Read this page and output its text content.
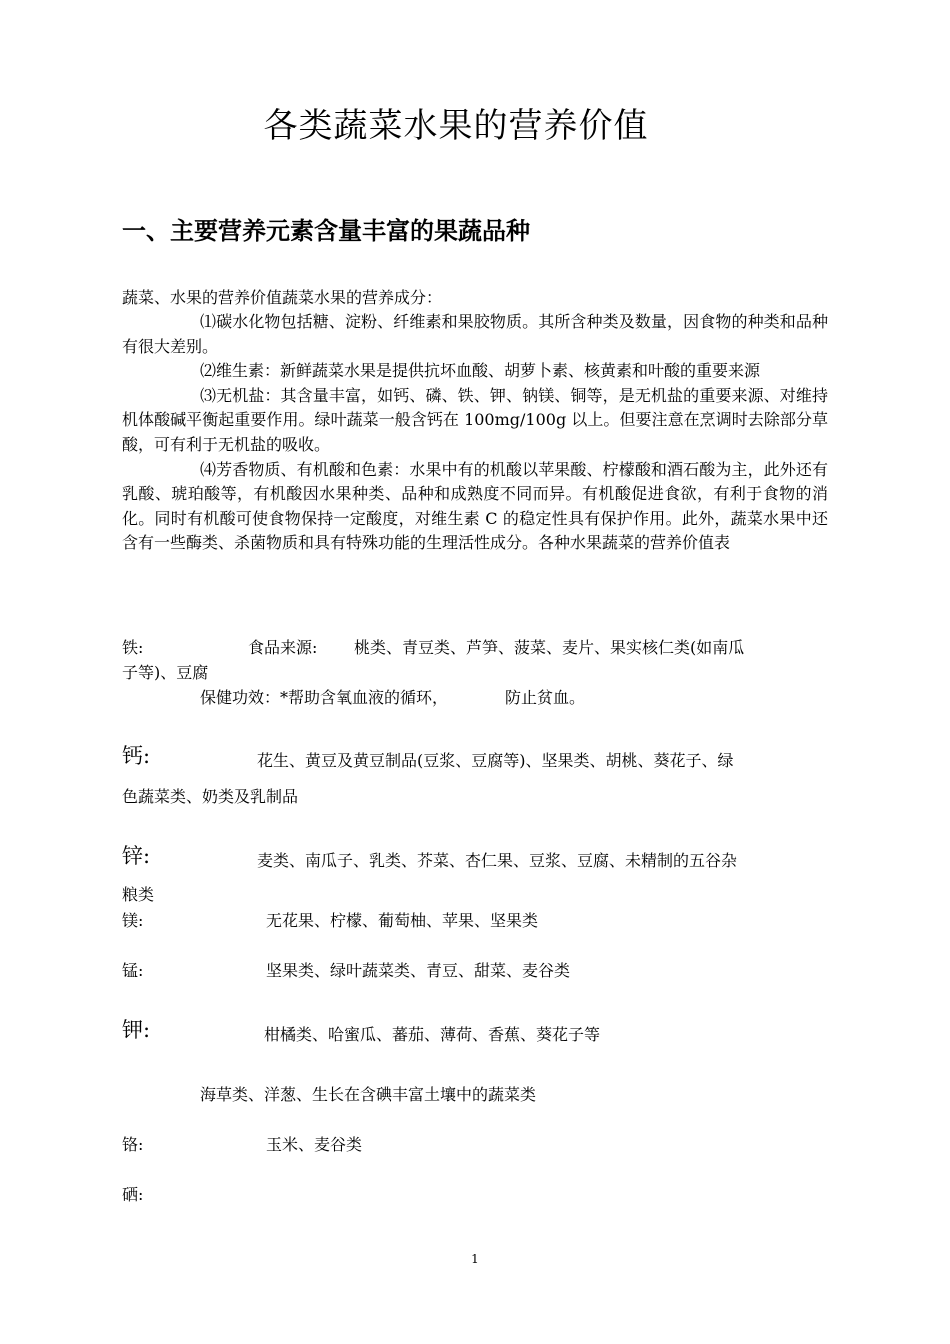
各类蔬菜水果的营养价值
一、主要营养元素含量丰富的果蔬品种
蔬菜、水果的营养价值蔬菜水果的营养成分：

⑴碳水化物包括糖、淀粉、纤维素和果胶物质。其所含种类及数量，因食物的种类和品种有很大差别。

⑵维生素：新鲜蔬菜水果是提供抗坏血酸、胡萝卜素、核黄素和叶酸的重要来源

⑶无机盐：其含量丰富，如钙、磷、铁、钾、钠镁、铜等，是无机盐的重要来源、对维持机体酸碱平衡起重要作用。绿叶蔬菜一般含钙在 100mg/100g 以上。但要注意在烹调时去除部分草酸，可有利于无机盐的吸收。

⑷芳香物质、有机酸和色素：水果中有的机酸以苹果酸、柠檬酸和酒石酸为主，此外还有乳酸、琥珀酸等，有机酸因水果种类、品种和成熟度不同而异。有机酸促进食欲，有利于食物的消化。同时有机酸可使食物保持一定酸度，对维生素 C 的稳定性具有保护作用。此外，蔬菜水果中还含有一些酶类、杀菌物质和具有特殊功能的生理活性成分。各种水果蔬菜的营养价值表

铁:	食品来源: 桃类、青豆类、芦笋、菠菜、麦片、果实核仁类(如南瓜
子等)、豆腐
保健功效： *帮助含氧血液的循环，	防止贫血。
钙:	花生、黄豆及黄豆制品(豆浆、豆腐等)、坚果类、胡桃、葵花子、绿
色蔬菜类、奶类及乳制品
锌:	麦类、南瓜子、乳类、芥菜、杏仁果、豆浆、豆腐、未精制的五谷杂
粮类
镁:	无花果、柠檬、葡萄柚、苹果、坚果类
锰:	坚果类、绿叶蔬菜类、青豆、甜菜、麦谷类
钾:	柑橘类、哈蜜瓜、蕃茄、薄荷、香蕉、葵花子等
海草类、洋葱、生长在含碘丰富土壤中的蔬菜类
铬:	玉米、麦谷类
硒:
1
